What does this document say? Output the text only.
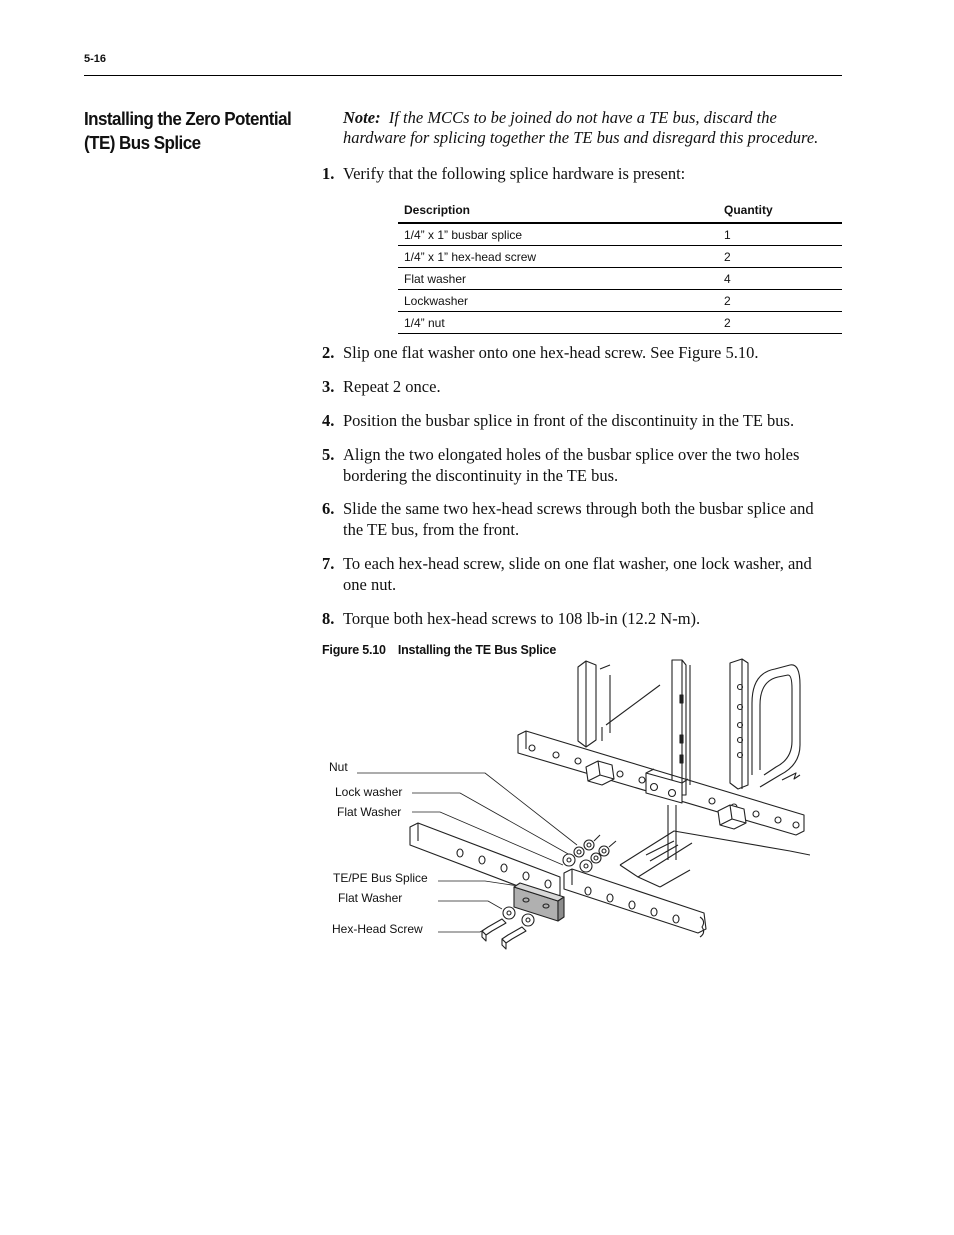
5-16
Installing the Zero Potential (TE) Bus Splice
Note: If the MCCs to be joined do not have a TE bus, discard the hardware for splicing together the TE bus and disregard this procedure.
1. Verify that the following splice hardware is present:
Description	Quantity
1/4” x 1” busbar splice	1
1/4” x 1” hex-head screw	2
Flat washer	4
Lockwasher	2
1/4” nut	2
2. Slip one flat washer onto one hex-head screw. See Figure 5.10.
3. Repeat 2 once.
4. Position the busbar splice in front of the discontinuity in the TE bus.
5. Align the two elongated holes of the busbar splice over the two holes bordering the discontinuity in the TE bus.
6. Slide the same two hex-head screws through both the busbar splice and the TE bus, from the front.
7. To each hex-head screw, slide on one flat washer, one lock washer, and one nut.
8. Torque both hex-head screws to 108 lb-in (12.2 N-m).
Figure 5.10 Installing the TE Bus Splice
Nut
Lock washer
Flat Washer
TE/PE Bus Splice
Flat Washer
Hex-Head Screw
